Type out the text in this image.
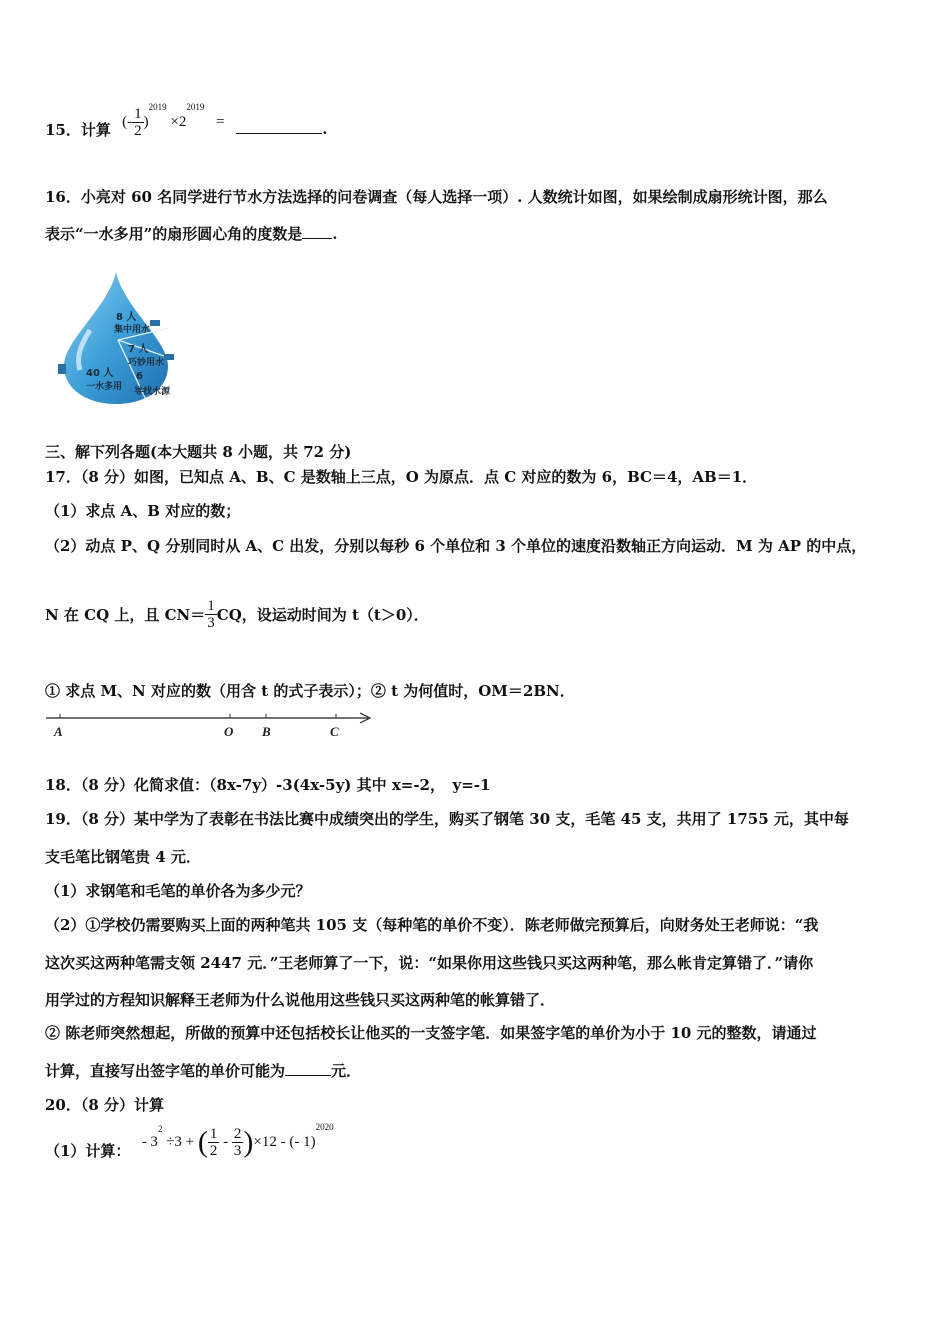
15．计算 (- $\frac{1}{2} )^{2019} \times 2^{2019}$ =	.
16．小亮对 60 名同学进行节水方法选择的问卷调查（每人选择一项）. 人数统计如图，如果绘制成扇形统计图，那么
表示“一水多用”的扇形圆心角的度数是 .
8 人
集中用水
7 人
巧妙用水
40 人
一水多用
6
导找水源
三、解下列各题(本大题共 8 小题，共 72 分)
17．（8 分）如图，已知点 A、B、C 是数轴上三点，O 为原点．点 C 对应的数为 6，BC＝4，AB＝1．
（1）求点 A、B 对应的数；
（2）动点 P、Q 分别同时从 A、C 出发，分别以每秒 6 个单位和 3 个单位的速度沿数轴正方向运动．M 为 AP 的中点，
N 在 CQ 上，且 $CN= \frac{1}{3}$ CQ，设运动时间为 t（t＞0）．
① 求点 M、N 对应的数（用含 t 的式子表示）；② t 为何值时，OM＝2BN．
A	O B	C
18．（8 分）化简求值：（8x-7y）-3(4x-5y) 其中 x=-2，　y=-1
19．（8 分）某中学为了表彰在书法比赛中成绩突出的学生，购买了钢笔 30 支，毛笔 45 支，共用了 1755 元，其中每
支毛笔比钢笔贵 4 元．
（1）求钢笔和毛笔的单价各为多少元？
（2）①学校仍需要购买上面的两种笔共 105 支（每种笔的单价不变）．陈老师做完预算后，向财务处王老师说：“我
这次买这两种笔需支领 2447 元．”王老师算了一下，说：“如果你用这些钱只买这两种笔，那么帐肯定算错了．”请你
用学过的方程知识解释王老师为什么说他用这些钱只买这两种笔的帐算错了．
② 陈老师突然想起，所做的预算中还包括校长让他买的一支签字笔．如果签字笔的单价为小于 10 元的整数，请通过
计算，直接写出签字笔的单价可能为	元．
20．（8 分）计算
（1）计算： - $3^2 \div 3$ + ( $\frac{1}{2} - \frac{2}{3} )\times 12$ - (- 1)$^{2020}$
